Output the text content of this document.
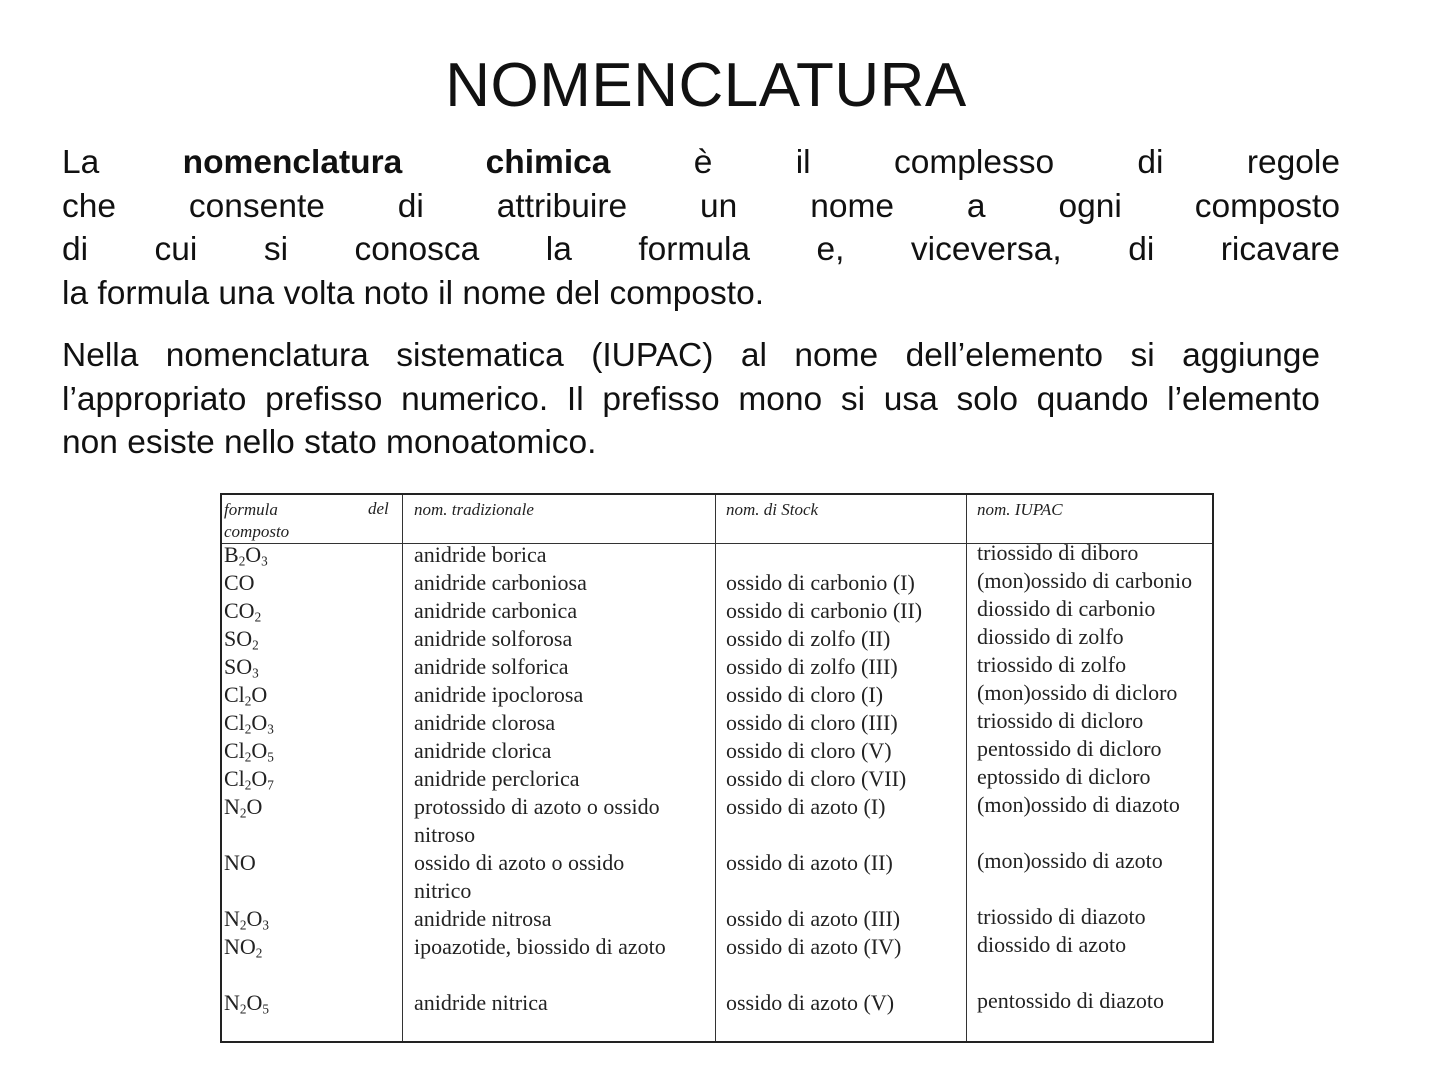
NOMENCLATURA
La nomenclatura chimica è il complesso di regole
che consente di attribuire un nome a ogni composto
di cui si conosca la formula e, viceversa, di ricavare
la formula una volta noto il nome del composto.
Nella nomenclatura sistematica (IUPAC) al nome dell’elemento si aggiunge
l’appropriato prefisso numerico. Il prefisso mono si usa solo quando l’elemento
non esiste nello stato monoatomico.
formula
composto
del nom. tradizionale	nom. di Stock	nom. IUPAC
$B_2O_3$
CO
$CO_2$
$SO_2$
$SO_3$
$Cl_2O$
$Cl_2O_3$
$Cl_2O_5$
$Cl_2O_7$
$N_2O$
NO
$N_2O_3$
$NO_2$
$N_2O_5$
anidride borica
anidride carboniosa
anidride carbonica
anidride solforosa
anidride solforica
anidride ipoclorosa
anidride clorosa
anidride clorica
anidride perclorica
protossido di azoto o ossido
nitroso
ossido di azoto o ossido
nitrico
anidride nitrosa
ipoazotide, biossido di azoto
anidride nitrica
ossido di carbonio (I)
ossido di carbonio (II)
ossido di zolfo (II)
ossido di zolfo (III)
ossido di cloro (I)
ossido di cloro (III)
ossido di cloro (V)
ossido di cloro (VII)
ossido di azoto (I)
ossido di azoto (II)
ossido di azoto (III)
ossido di azoto (IV)
ossido di azoto (V)
triossido di diboro
(mon)ossido di carbonio
diossido di carbonio
diossido di zolfo
triossido di zolfo
(mon)ossido di dicloro
triossido di dicloro
pentossido di dicloro
eptossido di dicloro
(mon)ossido di diazoto
(mon)ossido di azoto
triossido di diazoto
diossido di azoto
pentossido di diazoto
